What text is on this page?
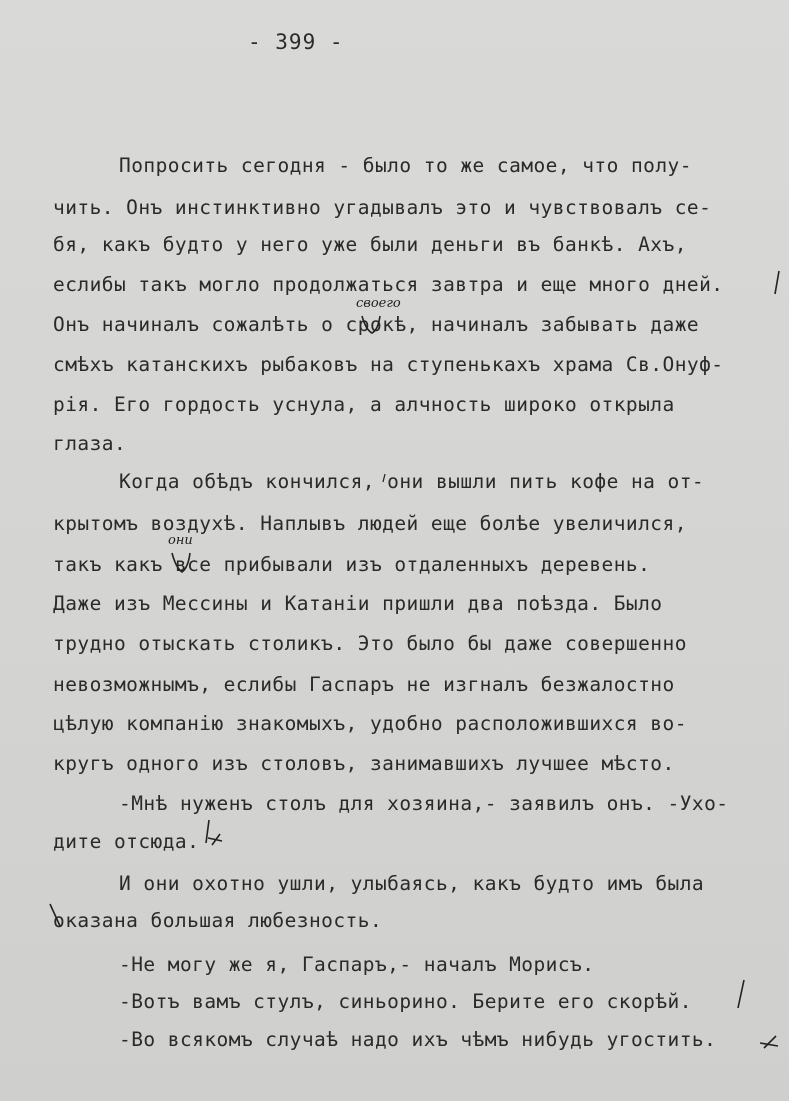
- 399 -
Попросить сегодня - было то же самое, что полу-
чить. Онъ инстинктивно угадывалъ это и чувствовалъ се-
бя, какъ будто у него уже были деньги въ банкѣ. Ахъ,
еслибы такъ могло продолжаться завтра и еще много дней.
Онъ начиналъ сожалѣть о срокѣ, начиналъ забывать даже
смѣхъ катанскихъ рыбаковъ на ступенькахъ храма Св.Онуф-
рія. Его гордость уснула, а алчность широко открыла
глаза.
Когда обѣдъ кончился, они вышли пить кофе на от-
крытомъ воздухѣ. Наплывъ людей еще болѣе увеличился,
такъ какъ все прибывали изъ отдаленныхъ деревень.
Даже изъ Мессины и Катаніи пришли два поѣзда. Было
трудно отыскать столикъ. Это было бы даже совершенно
невозможнымъ, еслибы Гаспаръ не изгналъ безжалостно
цѣлую компанію знакомыхъ, удобно расположившихся во-
кругъ одного изъ столовъ, занимавшихъ лучшее мѣсто.
-Мнѣ нуженъ столъ для хозяина,- заявилъ онъ. -Ухо-
дите отсюда.
И они охотно ушли, улыбаясь, какъ будто имъ была
оказана большая любезность.
-Не могу же я, Гаспаръ,- началъ Морисъ.
-Вотъ вамъ стулъ, синьорино. Берите его скорѣй.
-Во всякомъ случаѣ надо ихъ чѣмъ нибудь угостить.
своего
они
